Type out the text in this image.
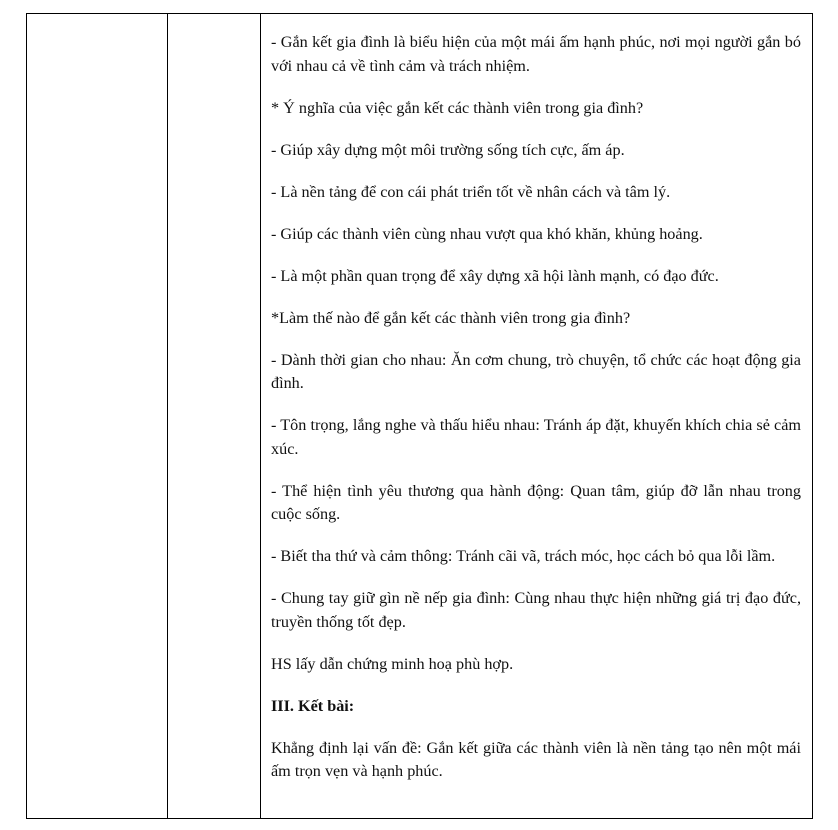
- Gắn kết gia đình là biểu hiện của một mái ấm hạnh phúc, nơi mọi người gắn bó với nhau cả về tình cảm và trách nhiệm.

* Ý nghĩa của việc gắn kết các thành viên trong gia đình?

- Giúp xây dựng một môi trường sống tích cực, ấm áp.

- Là nền tảng để con cái phát triển tốt về nhân cách và tâm lý.

- Giúp các thành viên cùng nhau vượt qua khó khăn, khủng hoảng.

- Là một phần quan trọng để xây dựng xã hội lành mạnh, có đạo đức.

*Làm thế nào để gắn kết các thành viên trong gia đình?

- Dành thời gian cho nhau: Ăn cơm chung, trò chuyện, tổ chức các hoạt động gia đình.

- Tôn trọng, lắng nghe và thấu hiểu nhau: Tránh áp đặt, khuyến khích chia sẻ cảm xúc.

- Thể hiện tình yêu thương qua hành động: Quan tâm, giúp đỡ lẫn nhau trong cuộc sống.

- Biết tha thứ và cảm thông: Tránh cãi vã, trách móc, học cách bỏ qua lỗi lầm.

- Chung tay giữ gìn nề nếp gia đình: Cùng nhau thực hiện những giá trị đạo đức, truyền thống tốt đẹp.

HS lấy dẫn chứng minh hoạ phù hợp.

III. Kết bài:

Khẳng định lại vấn đề: Gắn kết giữa các thành viên là nền tảng tạo nên một mái ấm trọn vẹn và hạnh phúc.
